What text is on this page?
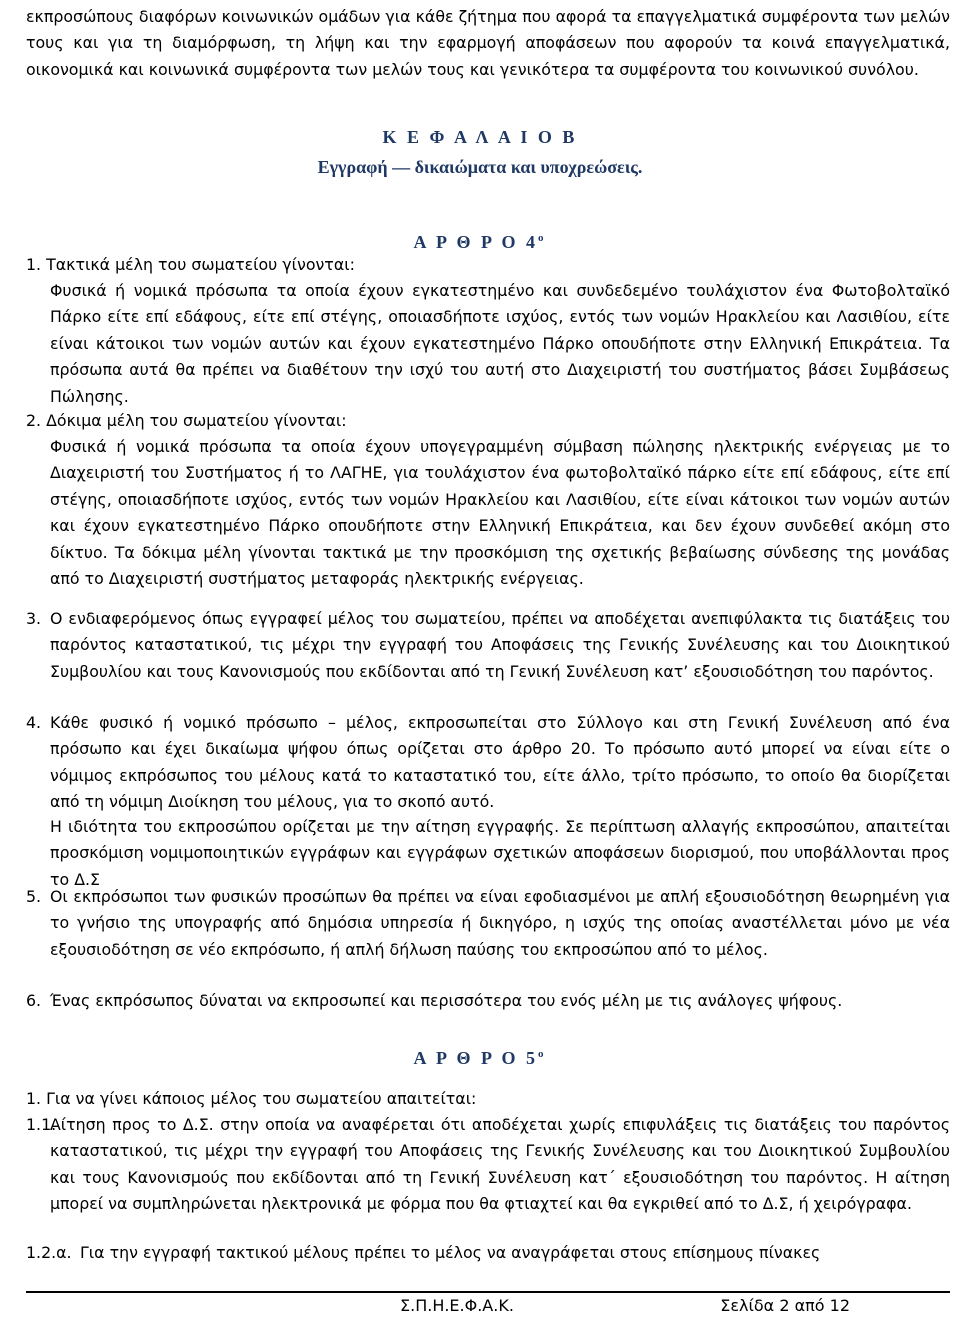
εκπροσώπους διαφόρων κοινωνικών ομάδων για κάθε ζήτημα που αφορά τα επαγγελματικά συμφέροντα των μελών τους και για τη διαμόρφωση, τη λήψη και την εφαρμογή αποφάσεων που αφορούν τα κοινά επαγγελματικά, οικονομικά και κοινωνικά συμφέροντα των μελών τους και γενικότερα τα συμφέροντα του κοινωνικού συνόλου.

Κ Ε Φ Α Λ Α Ι Ο Β
Εγγραφή — δικαιώματα και υποχρεώσεις.
Α Ρ Θ Ρ Ο $4^o$

1. Τακτικά μέλη του σωματείου γίνονται:

Φυσικά ή νομικά πρόσωπα τα οποία έχουν εγκατεστημένο και συνδεδεμένο τουλάχιστον ένα Φωτοβολταϊκό Πάρκο είτε επί εδάφους, είτε επί στέγης, οποιασδήποτε ισχύος, εντός των νομών Ηρακλείου και Λασιθίου, είτε είναι κάτοικοι των νομών αυτών και έχουν εγκατεστημένο Πάρκο οπουδήποτε στην Ελληνική Επικράτεια. Τα πρόσωπα αυτά θα πρέπει να διαθέτουν την ισχύ του αυτή στο Διαχειριστή του συστήματος βάσει Συμβάσεως Πώλησης.

2. Δόκιμα μέλη του σωματείου γίνονται:

Φυσικά ή νομικά πρόσωπα τα οποία έχουν υπογεγραμμένη σύμβαση πώλησης ηλεκτρικής ενέργειας με το Διαχειριστή του Συστήματος ή το ΛΑΓΗΕ, για τουλάχιστον ένα φωτοβολταϊκό πάρκο είτε επί εδάφους, είτε επί στέγης, οποιασδήποτε ισχύος, εντός των νομών Ηρακλείου και Λασιθίου, είτε είναι κάτοικοι των νομών αυτών και έχουν εγκατεστημένο Πάρκο οπουδήποτε στην Ελληνική Επικράτεια, και δεν έχουν συνδεθεί ακόμη στο δίκτυο. Τα δόκιμα μέλη γίνονται τακτικά με την προσκόμιση της σχετικής βεβαίωσης σύνδεσης της μονάδας από το Διαχειριστή συστήματος μεταφοράς ηλεκτρικής ενέργειας.

3. Ο ενδιαφερόμενος όπως εγγραφεί μέλος του σωματείου, πρέπει να αποδέχεται ανεπιφύλακτα τις διατάξεις του παρόντος καταστατικού, τις μέχρι την εγγραφή του Αποφάσεις της Γενικής Συνέλευσης και του Διοικητικού Συμβουλίου και τους Κανονισμούς που εκδίδονται από τη Γενική Συνέλευση κατ’ εξουσιοδότηση του παρόντος.

4. Κάθε φυσικό ή νομικό πρόσωπο – μέλος, εκπροσωπείται στο Σύλλογο και στη Γενική Συνέλευση από ένα πρόσωπο και έχει δικαίωμα ψήφου όπως ορίζεται στο άρθρο 20. Το πρόσωπο αυτό μπορεί να είναι είτε ο νόμιμος εκπρόσωπος του μέλους κατά το καταστατικό του, είτε άλλο, τρίτο πρόσωπο, το οποίο θα διορίζεται από τη νόμιμη Διοίκηση του μέλους, για το σκοπό αυτό.

Η ιδιότητα του εκπροσώπου ορίζεται με την αίτηση εγγραφής. Σε περίπτωση αλλαγής εκπροσώπου, απαιτείται προσκόμιση νομιμοποιητικών εγγράφων και εγγράφων σχετικών αποφάσεων διορισμού, που υποβάλλονται προς το Δ.Σ

5. Οι εκπρόσωποι των φυσικών προσώπων θα πρέπει να είναι εφοδιασμένοι με απλή εξουσιοδότηση θεωρημένη για το γνήσιο της υπογραφής από δημόσια υπηρεσία ή δικηγόρο, η ισχύς της οποίας αναστέλλεται μόνο με νέα εξουσιοδότηση σε νέο εκπρόσωπο, ή απλή δήλωση παύσης του εκπροσώπου από το μέλος.

6. Ένας εκπρόσωπος δύναται να εκπροσωπεί και περισσότερα του ενός μέλη με τις ανάλογες ψήφους.

Α Ρ Θ Ρ Ο $5^o$

1. Για να γίνει κάποιος μέλος του σωματείου απαιτείται:

1.1.

Αίτηση προς το Δ.Σ. στην οποία να αναφέρεται ότι αποδέχεται χωρίς επιφυλάξεις τις διατάξεις του παρόντος καταστατικού, τις μέχρι την εγγραφή του Αποφάσεις της Γενικής Συνέλευσης και του Διοικητικού Συμβουλίου και τους Κανονισμούς που εκδίδονται από τη Γενική Συνέλευση κατ΄ εξουσιοδότηση του παρόντος. Η αίτηση μπορεί να συμπληρώνεται ηλεκτρονικά με φόρμα που θα φτιαχτεί και θα εγκριθεί από το Δ.Σ, ή χειρόγραφα.

1.2.α. Για την εγγραφή τακτικού μέλους πρέπει το μέλος να αναγράφεται στους επίσημους πίνακες

Σ.Π.Η.Ε.Φ.Α.Κ.	Σελίδα 2 από 12
